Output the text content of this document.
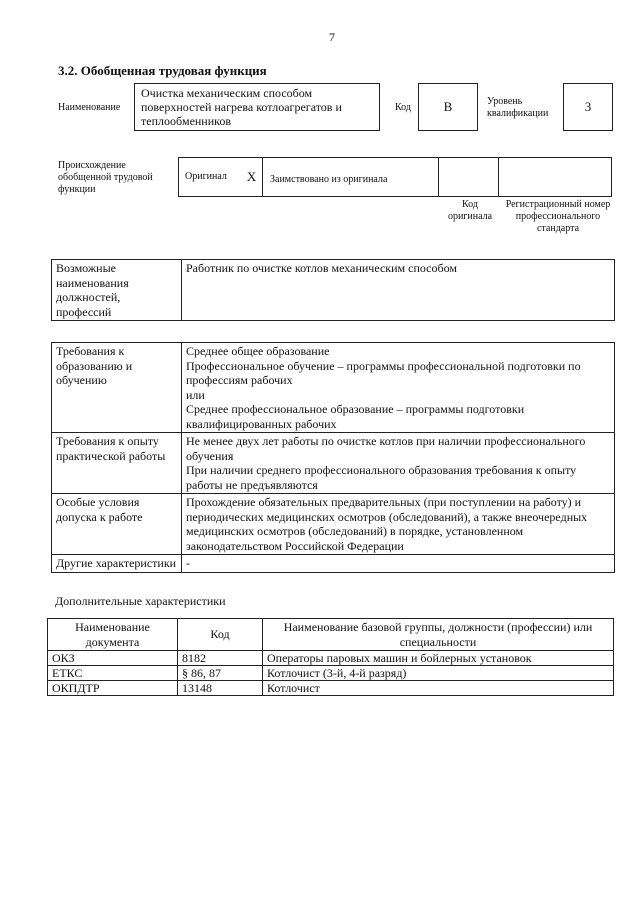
7
3.2. Обобщенная трудовая функция
Наименование
Очистка механическим способом поверхностей нагрева котлоагрегатов и теплообменников
Код	В	Уровень квалификации	3
Происхождение обобщенной трудовой функции
Оригинал X	Заимствовано из оригинала
Код оригинала
Регистрационный номер профессионального стандарта
Возможные наименования должностей, профессий	Работник по очистке котлов механическим способом
Требования к образованию и обучению	Среднее общее образование
Профессиональное обучение – программы профессиональной подготовки по профессиям рабочих
или
Среднее профессиональное образование – программы подготовки квалифицированных рабочих

Требования к опыту практической работы	Не менее двух лет работы по очистке котлов при наличии профессионального обучения
При наличии среднего профессионального образования требования к опыту работы не предъявляются

Особые условия допуска к работе	Прохождение обязательных предварительных (при поступлении на работу) и периодических медицинских осмотров (обследований), а также внеочередных медицинских осмотров (обследований) в порядке, установленном законодательством Российской Федерации

Другие характеристики	-
Дополнительные характеристики
Наименование документа	Код	Наименование базовой группы, должности (профессии) или специальности
ОКЗ	8182	Операторы паровых машин и бойлерных установок
ЕТКС	§ 86, 87	Котлочист (3-й, 4-й разряд)
ОКПДТР	13148	Котлочист
